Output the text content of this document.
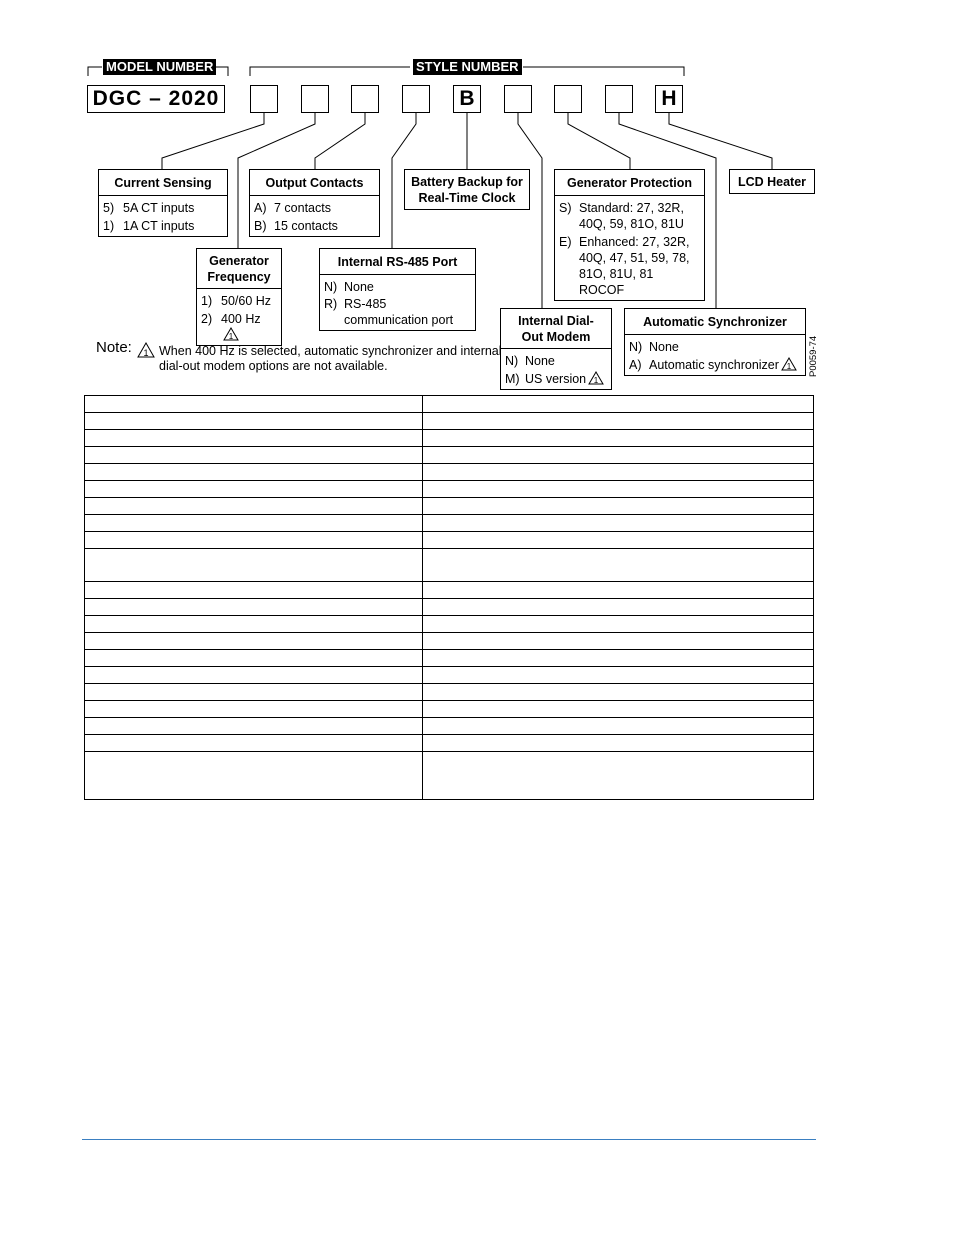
MODEL NUMBER	STYLE NUMBER
DGC – 2020	B	H
Current Sensing
5) 5A CT inputs
1) 1A CT inputs
Output Contacts
A) 7 contacts
B) 15 contacts
Battery Backup for Real-Time Clock
Generator Protection
S) Standard: 27, 32R, 40Q, 59, 81O, 81U
E) Enhanced: 27, 32R, 40Q, 47, 51, 59, 78, 81O, 81U, 81 ROCOF
LCD Heater
Generator Frequency
1) 50/60 Hz
2) 400 Hz
1
Internal RS-485 Port
N) None
R) RS-485 communication port	Internal Dial-Out Modem
N) None
M) US version 1
Automatic Synchronizer
N) None
A) Automatic synchronizer 1
Note: 1 When 400 Hz is selected, automatic synchronizer and internal dial-out modem options are not available.	P0059-74
